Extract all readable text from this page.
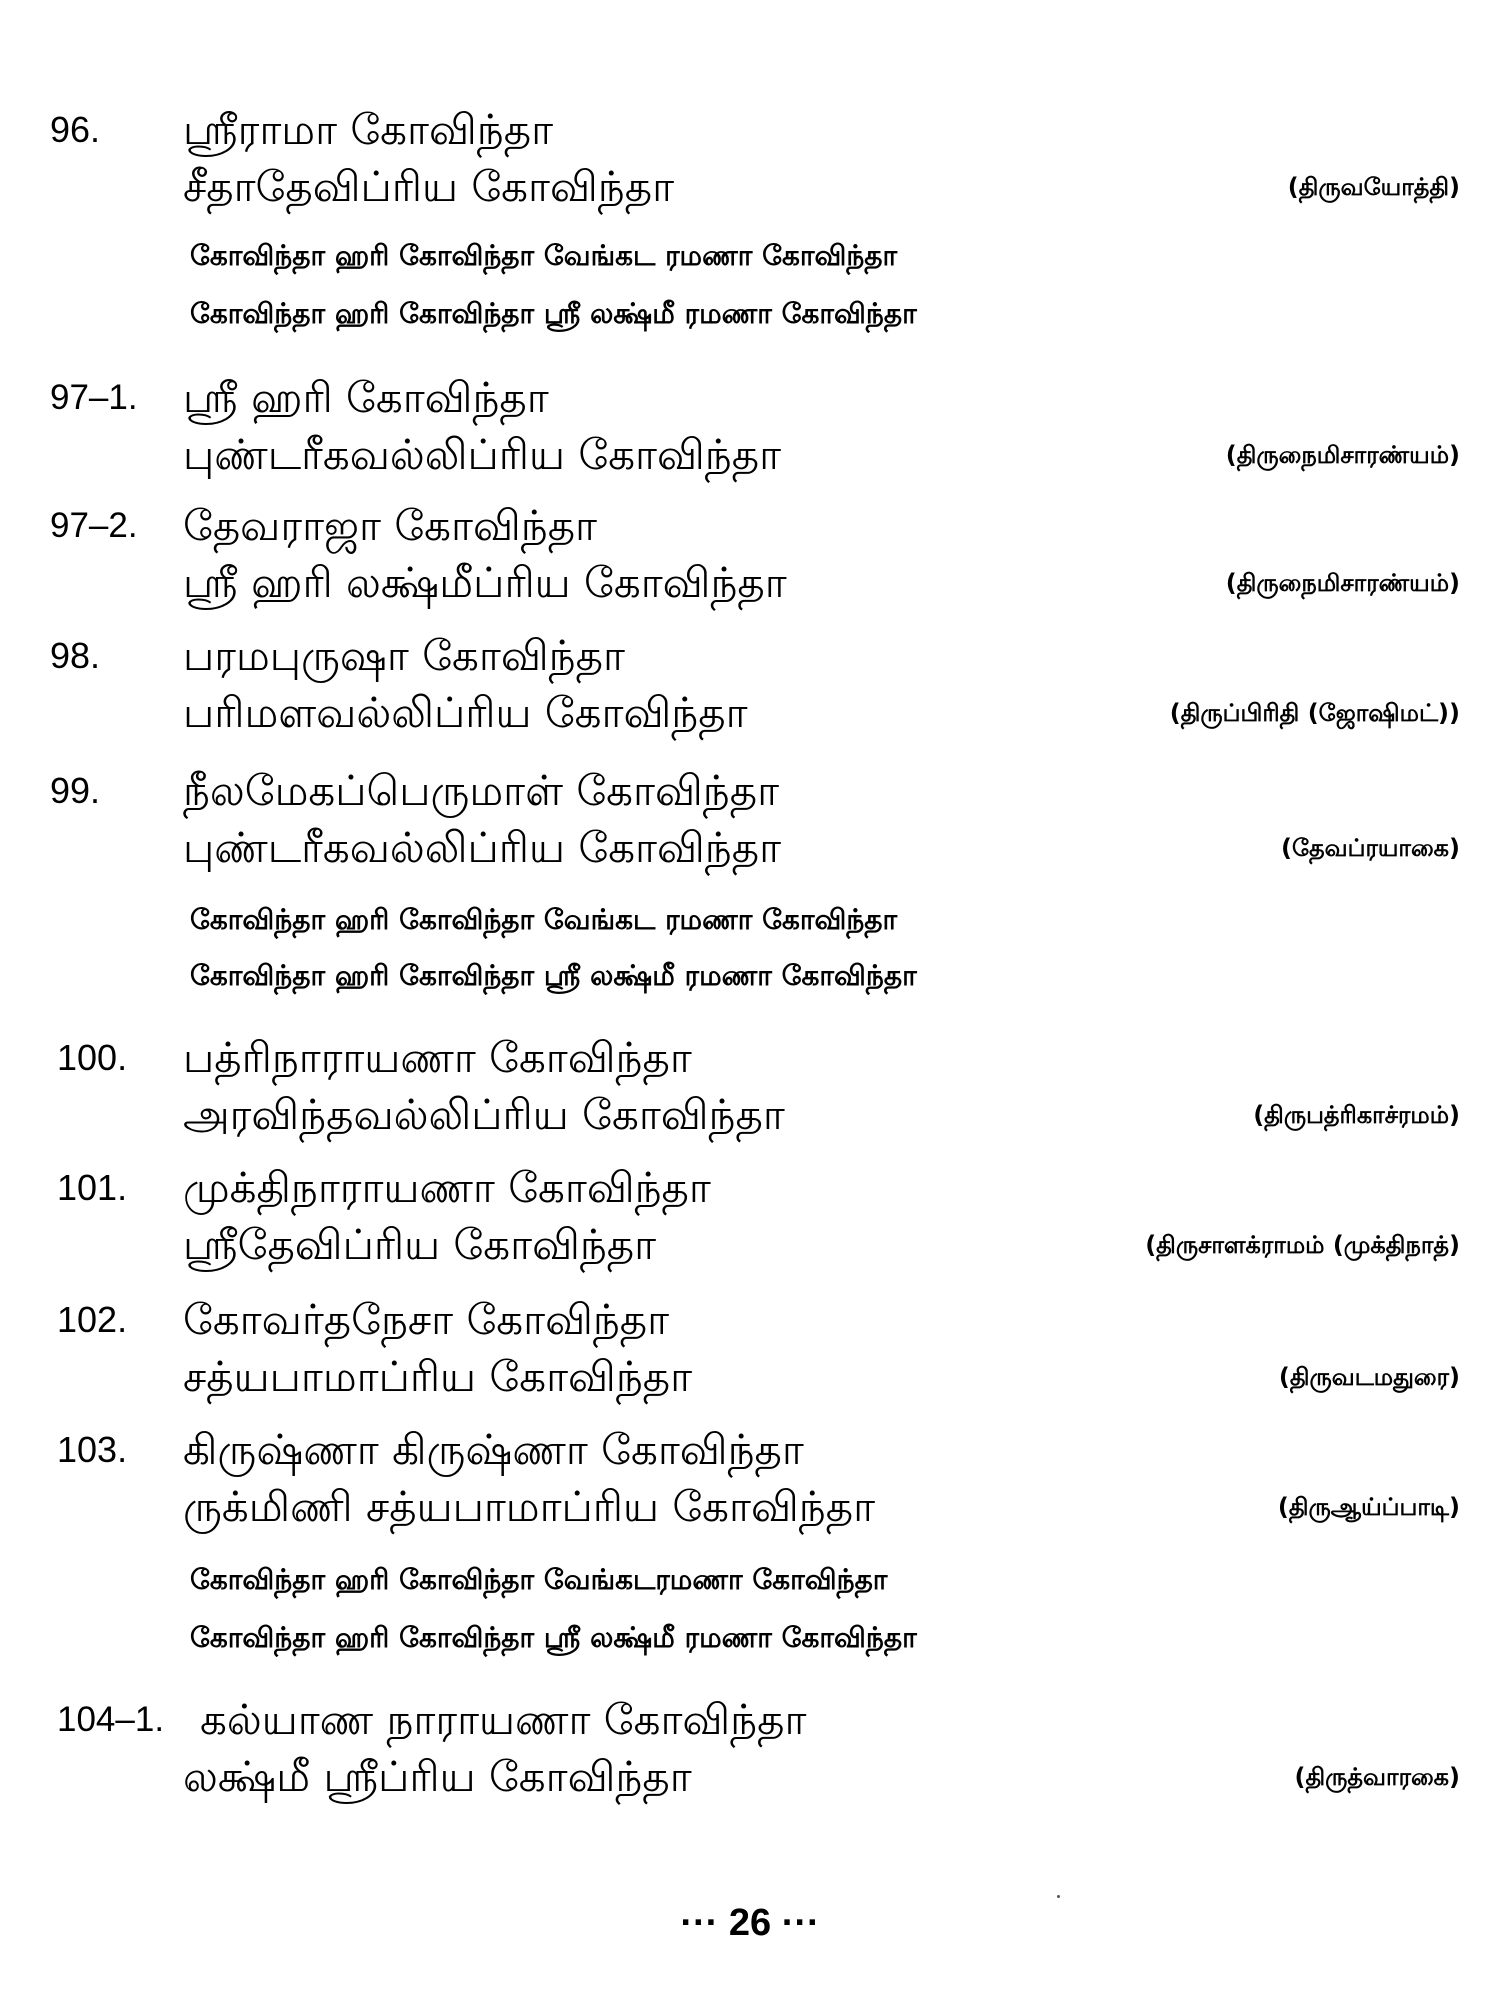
96. ஸ்ரீராமா கோவிந்தா
சீதாதேவிப்ரிய கோவிந்தா	(திருவயோத்தி)
கோவிந்தா ஹரி கோவிந்தா வேங்கட ரமணா கோவிந்தா
கோவிந்தா ஹரி கோவிந்தா ஸ்ரீ லக்ஷ்மீ ரமணா கோவிந்தா
97–1. ஸ்ரீ ஹரி கோவிந்தா
புண்டரீகவல்லிப்ரிய கோவிந்தா	(திருநைமிசாரண்யம்)
97–2. தேவராஜா கோவிந்தா
ஸ்ரீ ஹரி லக்ஷ்மீப்ரிய கோவிந்தா	(திருநைமிசாரண்யம்)
98. பரமபுருஷா கோவிந்தா
பரிமளவல்லிப்ரிய கோவிந்தா	(திருப்பிரிதி (ஜோஷிமட்))
99. நீலமேகப்பெருமாள் கோவிந்தா
புண்டரீகவல்லிப்ரிய கோவிந்தா	(தேவப்ரயாகை)
கோவிந்தா ஹரி கோவிந்தா வேங்கட ரமணா கோவிந்தா
கோவிந்தா ஹரி கோவிந்தா ஸ்ரீ லக்ஷ்மீ ரமணா கோவிந்தா
100. பத்ரிநாராயணா கோவிந்தா
அரவிந்தவல்லிப்ரிய கோவிந்தா	(திருபத்ரிகாச்ரமம்)
101. முக்திநாராயணா கோவிந்தா
ஸ்ரீதேவிப்ரிய கோவிந்தா	(திருசாளக்ராமம் (முக்திநாத்)
102. கோவர்தநேசா கோவிந்தா
சத்யபாமாப்ரிய கோவிந்தா	(திருவடமதுரை)
103. கிருஷ்ணா கிருஷ்ணா கோவிந்தா
ருக்மிணி சத்யபாமாப்ரிய கோவிந்தா	(திருஆய்ப்பாடி)
கோவிந்தா ஹரி கோவிந்தா வேங்கடரமணா கோவிந்தா
கோவிந்தா ஹரி கோவிந்தா ஸ்ரீ லக்ஷ்மீ ரமணா கோவிந்தா
104–1. கல்யாண நாராயணா கோவிந்தா
லக்ஷ்மீ ஸ்ரீப்ரிய கோவிந்தா	(திருத்வாரகை)
··· 26 ···
